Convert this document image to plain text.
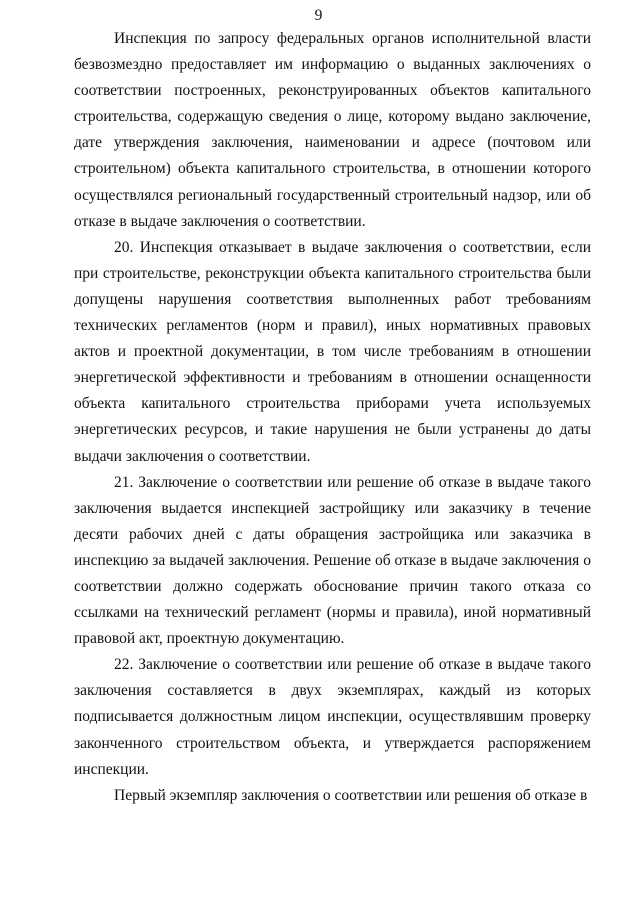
9

Инспекция по запросу федеральных органов исполнительной власти безвозмездно предоставляет им информацию о выданных заключениях о соответствии построенных, реконструированных объектов капитального строительства, содержащую сведения о лице, которому выдано заключение, дате утверждения заключения, наименовании и адресе (почтовом или строительном) объекта капитального строительства, в отношении которого осуществлялся региональный государственный строительный надзор, или об отказе в выдаче заключения о соответствии.

20. Инспекция отказывает в выдаче заключения о соответствии, если при строительстве, реконструкции объекта капитального строительства были допущены нарушения соответствия выполненных работ требованиям технических регламентов (норм и правил), иных нормативных правовых актов и проектной документации, в том числе требованиям в отношении энергетической эффективности и требованиям в отношении оснащенности объекта капитального строительства приборами учета используемых энергетических ресурсов, и такие нарушения не были устранены до даты выдачи заключения о соответствии.

21. Заключение о соответствии или решение об отказе в выдаче такого заключения выдается инспекцией застройщику или заказчику в течение десяти рабочих дней с даты обращения застройщика или заказчика в инспекцию за выдачей заключения. Решение об отказе в выдаче заключения о соответствии должно содержать обоснование причин такого отказа со ссылками на технический регламент (нормы и правила), иной нормативный правовой акт, проектную документацию.

22. Заключение о соответствии или решение об отказе в выдаче такого заключения составляется в двух экземплярах, каждый из которых подписывается должностным лицом инспекции, осуществлявшим проверку законченного строительством объекта, и утверждается распоряжением инспекции.

Первый экземпляр заключения о соответствии или решения об отказе в
